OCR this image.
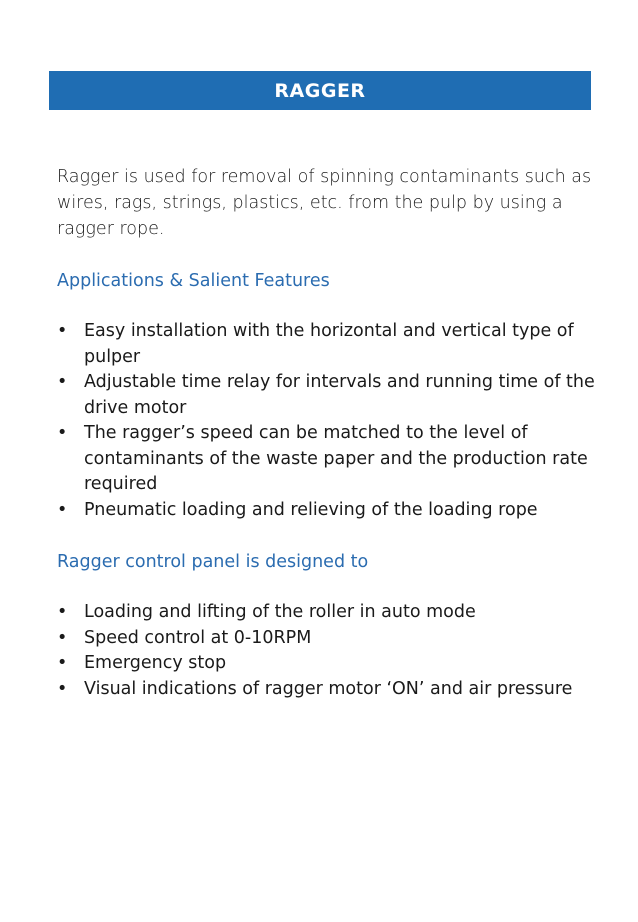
RAGGER

Ragger is used for removal of spinning contaminants such as wires, rags, strings, plastics, etc. from the pulp by using a ragger rope.

Applications & Salient Features
• Easy installation with the horizontal and vertical type of pulper
• Adjustable time relay for intervals and running time of the drive motor
• The ragger’s speed can be matched to the level of contaminants of the waste paper and the production rate required
• Pneumatic loading and relieving of the loading rope
Ragger control panel is designed to
• Loading and lifting of the roller in auto mode
• Speed control at 0-10RPM
• Emergency stop
• Visual indications of ragger motor ‘ON’ and air pressure
